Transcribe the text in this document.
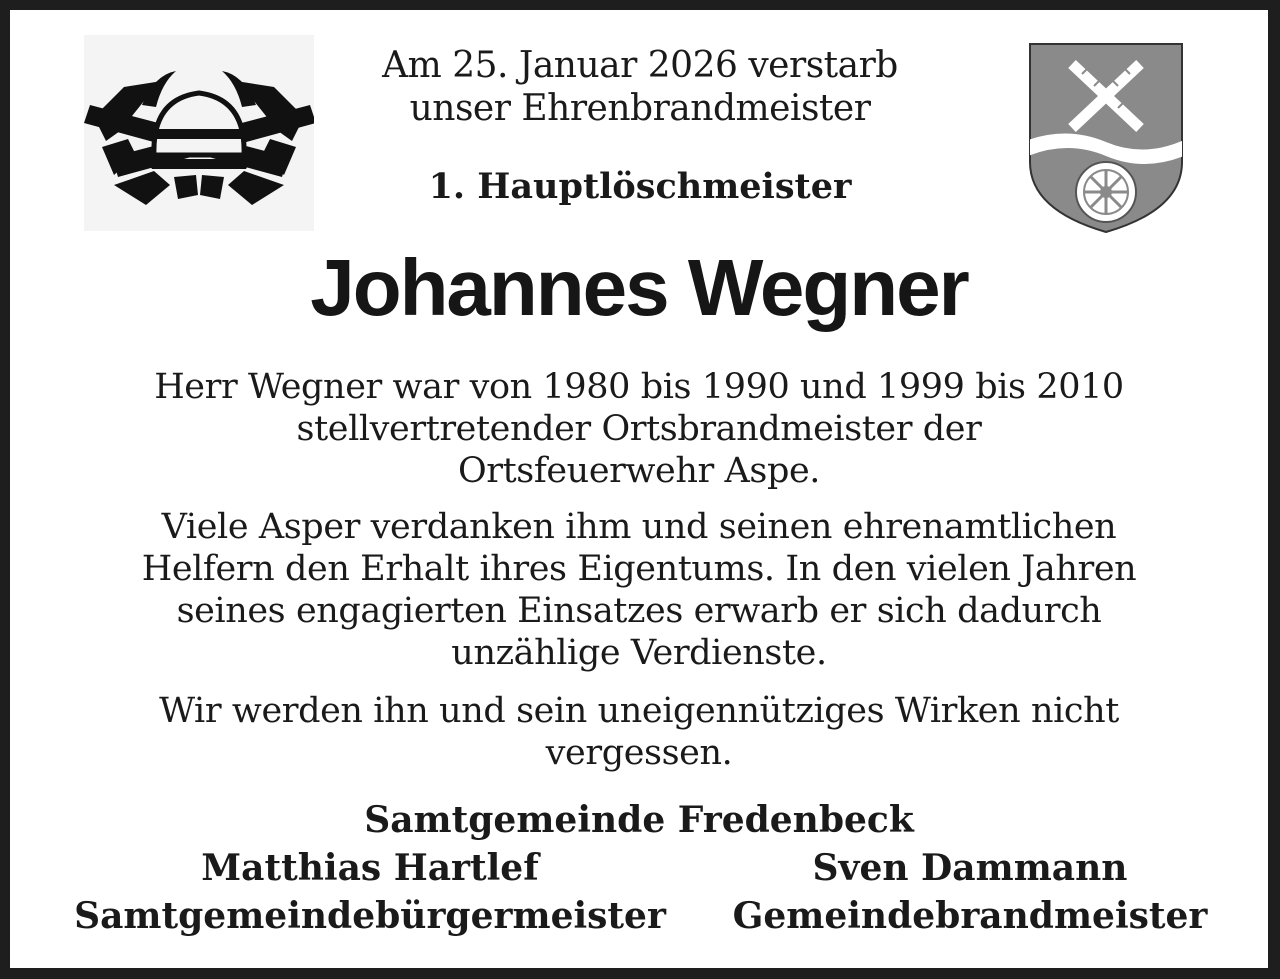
Am 25. Januar 2026 verstarb
unser Ehrenbrandmeister
1. Hauptlöschmeister
Johannes Wegner
Herr Wegner war von 1980 bis 1990 und 1999 bis 2010
stellvertretender Ortsbrandmeister der
Ortsfeuerwehr Aspe.
Viele Asper verdanken ihm und seinen ehrenamtlichen
Helfern den Erhalt ihres Eigentums. In den vielen Jahren
seines engagierten Einsatzes erwarb er sich dadurch
unzählige Verdienste.
Wir werden ihn und sein uneigennütziges Wirken nicht
vergessen.
Samtgemeinde Fredenbeck
Matthias Hartlef
Samtgemeindebürgermeister
Sven Dammann
Gemeindebrandmeister
